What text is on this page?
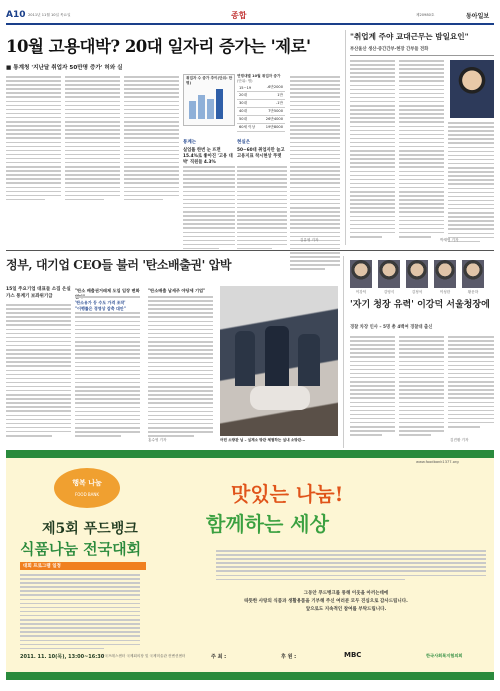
A10 2011년 11월 10일 목요일	종합	제20980호	동아일보
10월 고용대박? 20대 일자리 증가는 '제로'
■ 통계청 '지난달 취업자 50만명 증가' 허와 실
취업자 수 증가 추이(단위: 만 명)
연령대별 10월 취업자 증가
(단위: 명)
15~19	-6만2000
20대	1만
30대	-1만
40대	7만5000
50대	26만4000
60세 이상	19만8000
통계는
실업률 한번 눈 뜨면 15.4%로 좋아진 '고용 대박' 직원들 4.3%
현실은
50~60대 취업자만 늘고 고용지표 착시현상 뚜렷
김유영 기자
"취업계 주야 교대근무는 밤일요인"
부산울산 생산·중간간부·현장 간부들 전화
박재명 기자
정부, 대기업 CEO들 불러 '탄소배출권' 압박
15일 주요기업 대표들 소집 온실가스 통계기 보좌위기급
"탄소 배출권거래제 도입 입장 변화
'탄소유가 등 수도 가격 조작'
"이행률은 경영상 감축 대안"
"탄소배출 납세주 야당세 기업"
어떤 소방관 님 – 실제소 방관 체험하는 실내 소방관...
홍수영 기자
이강덕	김영식	김정석	이성한	황운하
'자기 청장 유력' 이강덕 서울청장에
경찰 차장 인사 – 5명 총 4백여 경찰대 출신
김진환 기자
행복 나눔
FOOD BANK
제5회 푸드뱅크
식품나눔 전국대회
대회 프로그램 일정
2011. 11. 10(목), 13:00~16:30
한국프레스센터 국제회의장 및 국제미술관 컨벤션센터
맛있는 나눔!
함께하는 세상
www.foodbank1377.org
그동안 푸드뱅크를 통해 이웃을 아끼는데에
따뜻한 사랑의 식품과 생활용품을 기부해 주신 여러분 모두 진심으로 감사드립니다.
앞으로도 지속적인 참여를 부탁드립니다.
주 최 :	후 원 :	MBC	한국사회복지협의회
